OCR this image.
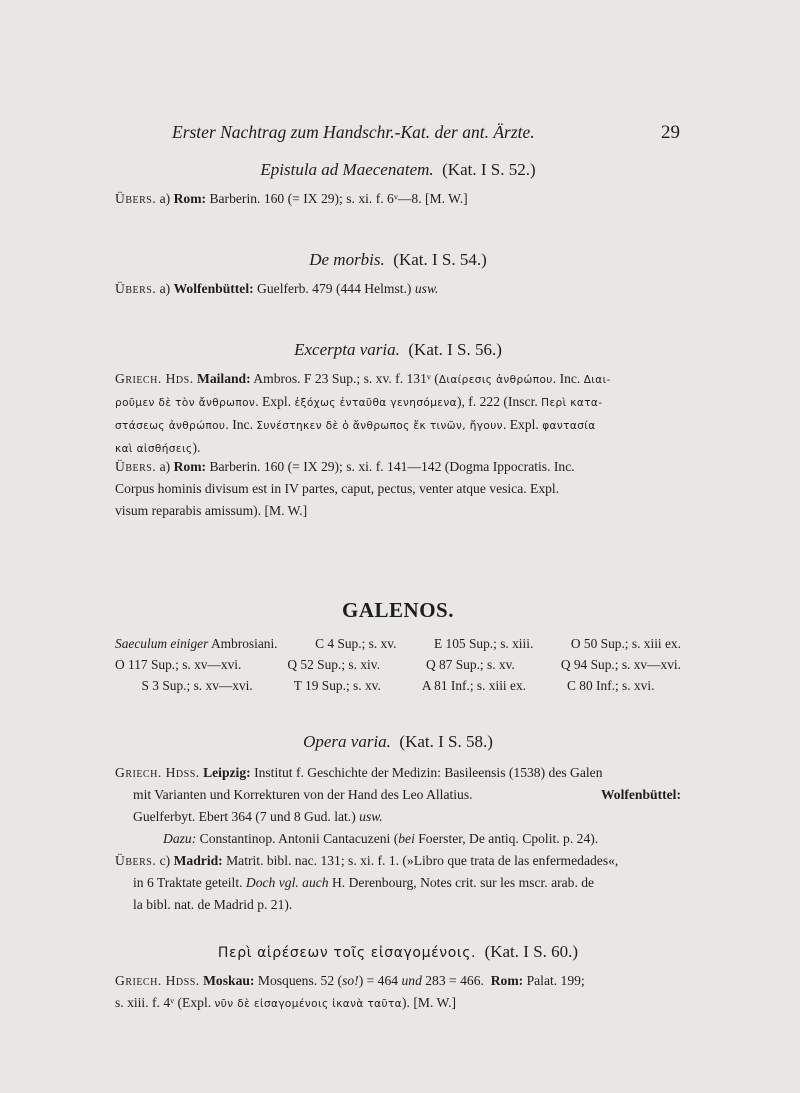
Erster Nachtrag zum Handschr.-Kat. der ant. Ärzte.	29
Epistula ad Maecenatem. (Kat. I S. 52.)
Übers. a) Rom: Barberin. 160 (= IX 29); s. xi. f. 6ᵛ—8. [M. W.]
De morbis. (Kat. I S. 54.)
Übers. a) Wolfenbüttel: Guelferb. 479 (444 Helmst.) usw.
Excerpta varia. (Kat. I S. 56.)
Griech. Hds. Mailand: Ambros. F 23 Sup.; s. xv. f. 131ᵛ (Διαίρεσις ἀνθρώπου. Inc. Διαι-
ροῦμεν δὲ τὸν ἄνθρωπον. Expl. ἐξόχως ἐνταῦθα γενησόμενα), f. 222 (Inscr. Περὶ κατα-
στάσεως ἀνθρώπου. Inc. Συνέστηκεν δὲ ὁ ἄνθρωπος ἔκ τινῶν, ἤγουν. Expl. φαντασία
καὶ αἰσθήσεις).
Übers. a) Rom: Barberin. 160 (= IX 29); s. xi. f. 141—142 (Dogma Ippocratis. Inc.
Corpus hominis divisum est in IV partes, caput, pectus, venter atque vesica. Expl.
visum reparabis amissum). [M. W.]
GALENOS.
Saeculum einiger Ambrosiani.	C 4 Sup.; s. xv.	E 105 Sup.; s. xiii.	O 50 Sup.; s. xiii ex.
O 117 Sup.; s. xv—xvi.	Q 52 Sup.; s. xiv.	Q 87 Sup.; s. xv.	Q 94 Sup.; s. xv—xvi.
S 3 Sup.; s. xv—xvi.	T 19 Sup.; s. xv.	A 81 Inf.; s. xiii ex.	C 80 Inf.; s. xvi.
Opera varia. (Kat. I S. 58.)
Griech. Hdss. Leipzig: Institut f. Geschichte der Medizin: Basileensis (1538) des Galen
mit Varianten und Korrekturen von der Hand des Leo Allatius.	Wolfenbüttel:
Guelferbyt. Ebert 364 (7 und 8 Gud. lat.) usw.
Dazu: Constantinop. Antonii Cantacuzeni (bei Foerster, De antiq. Cpolit. p. 24).
Übers. c) Madrid: Matrit. bibl. nac. 131; s. xi. f. 1. (»Libro que trata de las enfermedades«,
in 6 Traktate geteilt. Doch vgl. auch H. Derenbourg, Notes crit. sur les mscr. arab. de
la bibl. nat. de Madrid p. 21).
Περὶ αἱρέσεων τοῖς εἰσαγομένοις. (Kat. I S. 60.)
Griech. Hdss. Moskau: Mosquens. 52 (so!) = 464 und 283 = 466. Rom: Palat. 199;
s. xiii. f. 4ᵛ (Expl. νῦν δὲ εἰσαγομένοις ἱκανὰ ταῦτα). [M. W.]
